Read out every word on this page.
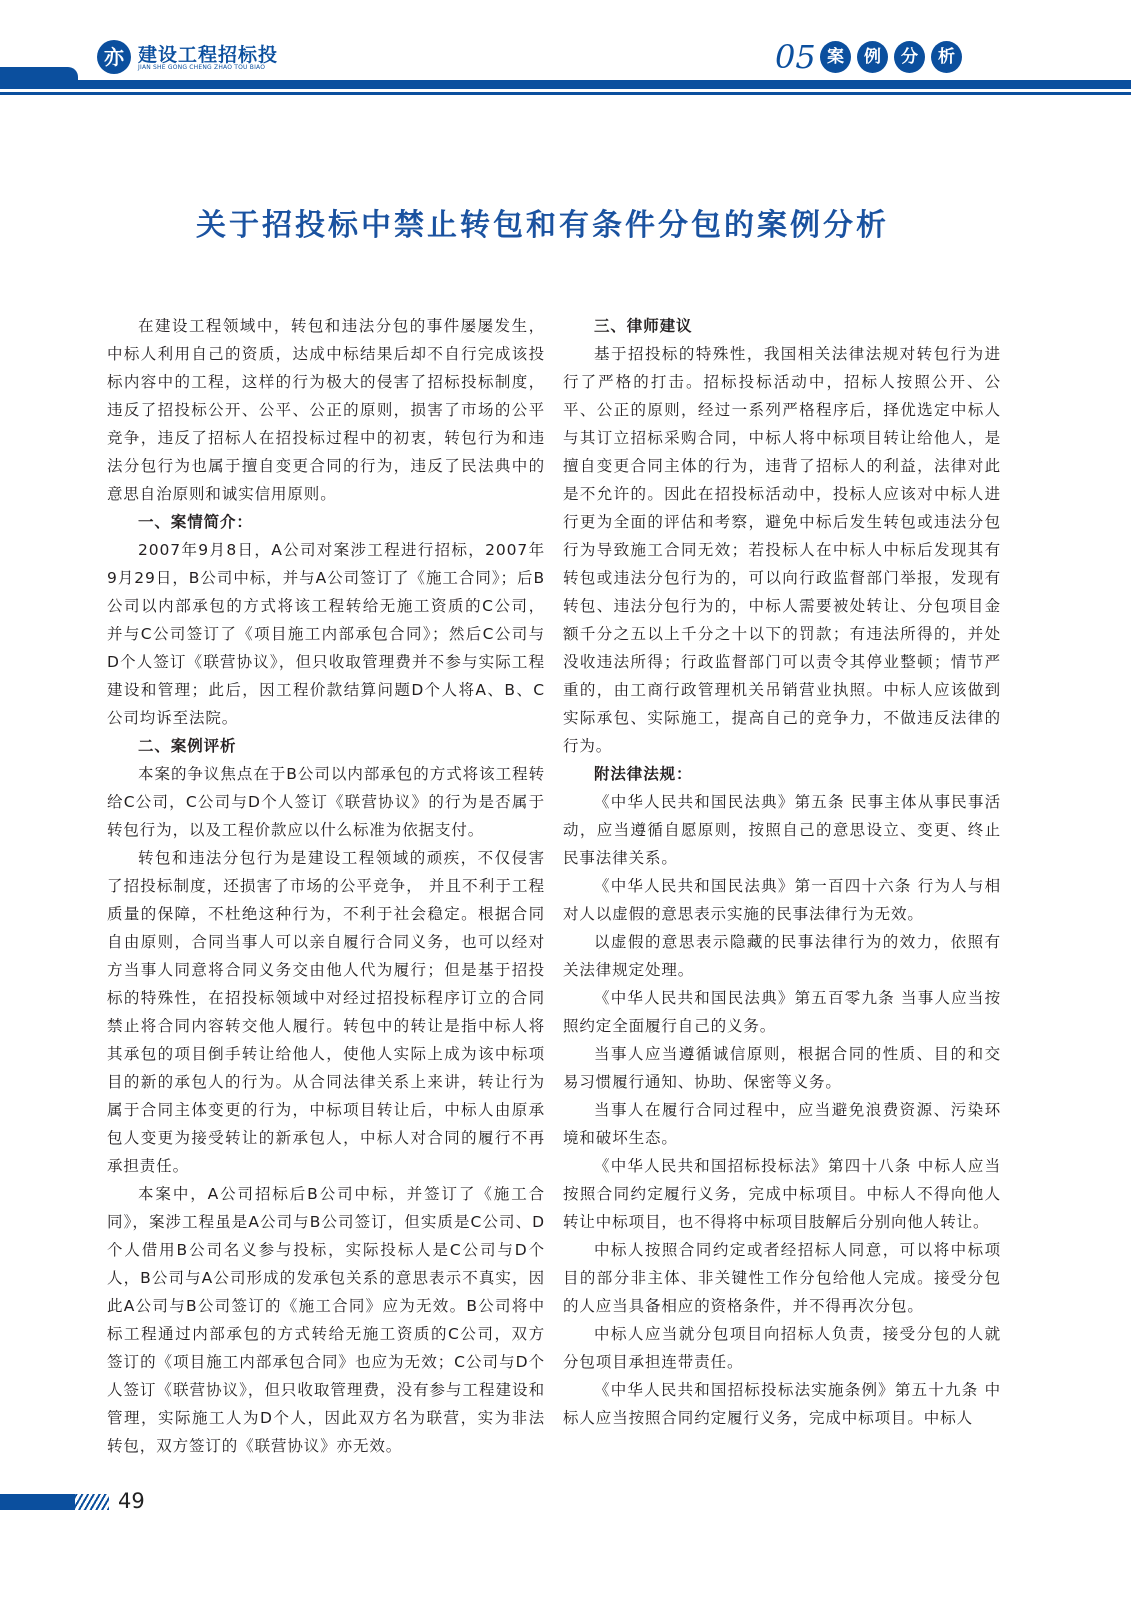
亦 建设工程招标投
JIAN SHE GONG CHENG ZHAO TOU BIAO	05 案	例	分	析
关于招投标中禁止转包和有条件分包的案例分析

在建设工程领域中，转包和违法分包的事件屡屡发生，中标人利用自己的资质，达成中标结果后却不自行完成该投标内容中的工程，这样的行为极大的侵害了招标投标制度，违反了招投标公开、公平、公正的原则，损害了市场的公平竞争，违反了招标人在招投标过程中的初衷，转包行为和违法分包行为也属于擅自变更合同的行为，违反了民法典中的意思自治原则和诚实信用原则。

一、案情简介：

2007年9月8日，A公司对案涉工程进行招标，2007年9月29日，B公司中标，并与A公司签订了《施工合同》；后B公司以内部承包的方式将该工程转给无施工资质的C公司，并与C公司签订了《项目施工内部承包合同》；然后C公司与D个人签订《联营协议》，但只收取管理费并不参与实际工程建设和管理；此后，因工程价款结算问题D个人将A、B、C公司均诉至法院。

二、案例评析

本案的争议焦点在于B公司以内部承包的方式将该工程转给C公司，C公司与D个人签订《联营协议》的行为是否属于转包行为，以及工程价款应以什么标准为依据支付。

转包和违法分包行为是建设工程领域的顽疾，不仅侵害了招投标制度，还损害了市场的公平竞争， 并且不利于工程质量的保障，不杜绝这种行为，不利于社会稳定。根据合同自由原则，合同当事人可以亲自履行合同义务，也可以经对方当事人同意将合同义务交由他人代为履行；但是基于招投标的特殊性，在招投标领域中对经过招投标程序订立的合同禁止将合同内容转交他人履行。转包中的转让是指中标人将其承包的项目倒手转让给他人，使他人实际上成为该中标项目的新的承包人的行为。从合同法律关系上来讲，转让行为属于合同主体变更的行为，中标项目转让后，中标人由原承包人变更为接受转让的新承包人，中标人对合同的履行不再承担责任。

本案中，A公司招标后B公司中标，并签订了《施工合同》，案涉工程虽是A公司与B公司签订，但实质是C公司、D个人借用B公司名义参与投标，实际投标人是C公司与D个人，B公司与A公司形成的发承包关系的意思表示不真实，因此A公司与B公司签订的《施工合同》应为无效。B公司将中标工程通过内部承包的方式转给无施工资质的C公司，双方签订的《项目施工内部承包合同》也应为无效；C公司与D个人签订《联营协议》，但只收取管理费，没有参与工程建设和管理，实际施工人为D个人，因此双方名为联营，实为非法转包，双方签订的《联营协议》亦无效。

三、律师建议

基于招投标的特殊性，我国相关法律法规对转包行为进行了严格的打击。招标投标活动中，招标人按照公开、公平、公正的原则，经过一系列严格程序后，择优选定中标人与其订立招标采购合同，中标人将中标项目转让给他人，是擅自变更合同主体的行为，违背了招标人的利益，法律对此是不允许的。因此在招投标活动中，投标人应该对中标人进行更为全面的评估和考察，避免中标后发生转包或违法分包行为导致施工合同无效；若投标人在中标人中标后发现其有转包或违法分包行为的，可以向行政监督部门举报，发现有转包、违法分包行为的，中标人需要被处转让、分包项目金额千分之五以上千分之十以下的罚款；有违法所得的，并处没收违法所得；行政监督部门可以责令其停业整顿；情节严重的，由工商行政管理机关吊销营业执照。中标人应该做到实际承包、实际施工，提高自己的竞争力，不做违反法律的行为。

附法律法规：

《中华人民共和国民法典》第五条 民事主体从事民事活动，应当遵循自愿原则，按照自己的意思设立、变更、终止民事法律关系。

《中华人民共和国民法典》第一百四十六条 行为人与相对人以虚假的意思表示实施的民事法律行为无效。

以虚假的意思表示隐藏的民事法律行为的效力，依照有关法律规定处理。

《中华人民共和国民法典》第五百零九条 当事人应当按照约定全面履行自己的义务。

当事人应当遵循诚信原则，根据合同的性质、目的和交易习惯履行通知、协助、保密等义务。

当事人在履行合同过程中，应当避免浪费资源、污染环境和破坏生态。

《中华人民共和国招标投标法》第四十八条 中标人应当按照合同约定履行义务，完成中标项目。中标人不得向他人转让中标项目，也不得将中标项目肢解后分别向他人转让。

中标人按照合同约定或者经招标人同意，可以将中标项目的部分非主体、非关键性工作分包给他人完成。接受分包的人应当具备相应的资格条件，并不得再次分包。

中标人应当就分包项目向招标人负责，接受分包的人就分包项目承担连带责任。

《中华人民共和国招标投标法实施条例》第五十九条 中标人应当按照合同约定履行义务，完成中标项目。中标人

49
